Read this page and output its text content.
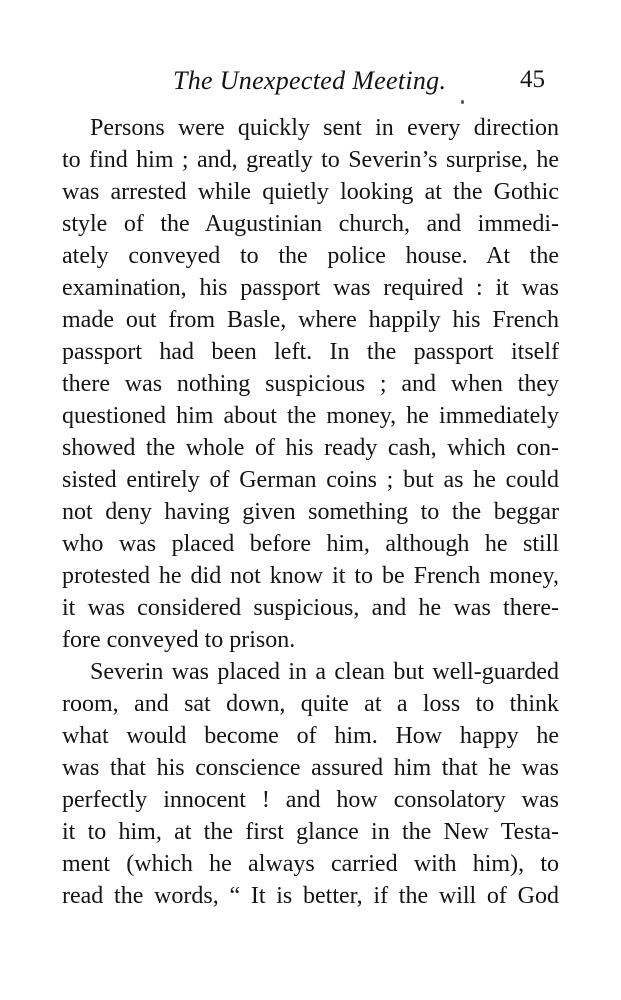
The Unexpected Meeting.	45
Persons were quickly sent in every direction
to find him ; and, greatly to Severin’s surprise, he
was arrested while quietly looking at the Gothic
style of the Augustinian church, and immedi-
ately conveyed to the police house. At the
examination, his passport was required : it was
made out from Basle, where happily his French
passport had been left. In the passport itself
there was nothing suspicious ; and when they
questioned him about the money, he immediately
showed the whole of his ready cash, which con-
sisted entirely of German coins ; but as he could
not deny having given something to the beggar
who was placed before him, although he still
protested he did not know it to be French money,
it was considered suspicious, and he was there-
fore conveyed to prison.
Severin was placed in a clean but well-guarded
room, and sat down, quite at a loss to think
what would become of him. How happy he
was that his conscience assured him that he was
perfectly innocent ! and how consolatory was
it to him, at the first glance in the New Testa-
ment (which he always carried with him), to
read the words, “ It is better, if the will of God
